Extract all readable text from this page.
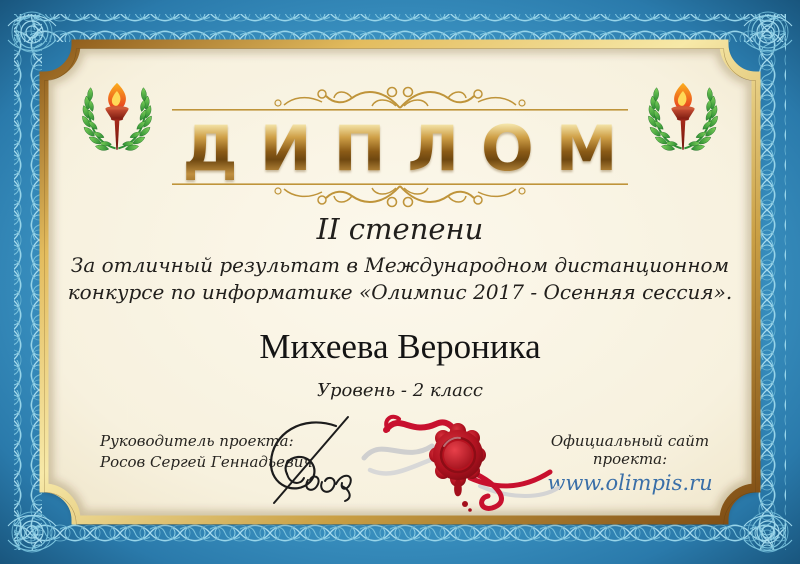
ДИПЛОМ
II степени
За отличный результат в Международном дистанционном
конкурсе по информатике «Олимпис 2017 - Осенняя сессия».
Михеева Вероника
Уровень - 2 класс
Руководитель проекта:
Росов Сергей Геннадьевич
Официальный сайт проекта:
www.olimpis.ru
